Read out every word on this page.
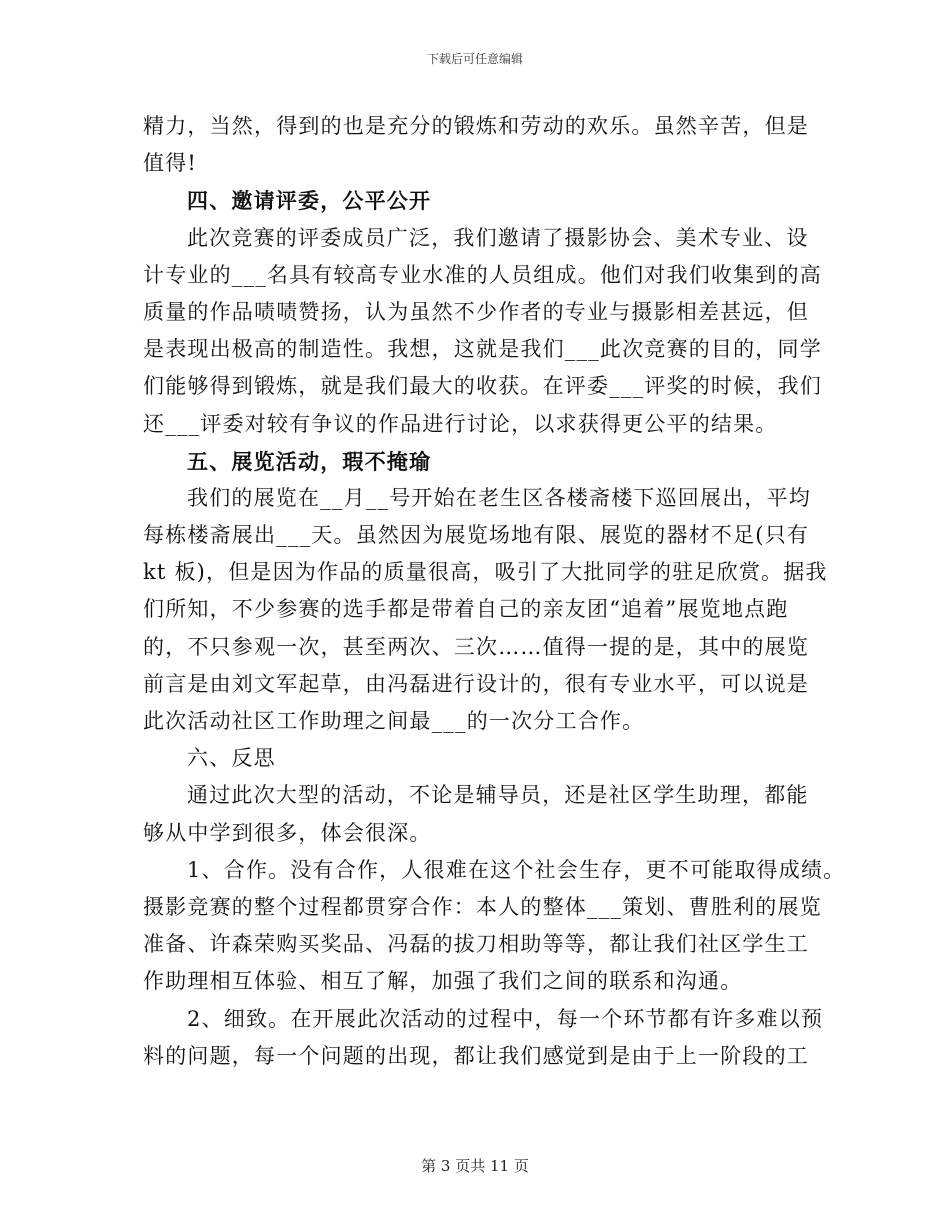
下载后可任意编辑
精力，当然，得到的也是充分的锻炼和劳动的欢乐。虽然辛苦，但是
值得!
四、邀请评委，公平公开
此次竞赛的评委成员广泛，我们邀请了摄影协会、美术专业、设
计专业的___名具有较高专业水准的人员组成。他们对我们收集到的高
质量的作品啧啧赞扬，认为虽然不少作者的专业与摄影相差甚远，但
是表现出极高的制造性。我想，这就是我们___此次竞赛的目的，同学
们能够得到锻炼，就是我们最大的收获。在评委___评奖的时候，我们
还___评委对较有争议的作品进行讨论，以求获得更公平的结果。
五、展览活动，瑕不掩瑜
我们的展览在__月__号开始在老生区各楼斋楼下巡回展出，平均
每栋楼斋展出___天。虽然因为展览场地有限、展览的器材不足(只有
kt 板)，但是因为作品的质量很高，吸引了大批同学的驻足欣赏。据我
们所知，不少参赛的选手都是带着自己的亲友团“追着”展览地点跑
的，不只参观一次，甚至两次、三次……值得一提的是，其中的展览
前言是由刘文军起草，由冯磊进行设计的，很有专业水平，可以说是
此次活动社区工作助理之间最___的一次分工合作。
六、反思
通过此次大型的活动，不论是辅导员，还是社区学生助理，都能
够从中学到很多，体会很深。
1、合作。没有合作，人很难在这个社会生存，更不可能取得成绩。
摄影竞赛的整个过程都贯穿合作：本人的整体___策划、曹胜利的展览
准备、许森荣购买奖品、冯磊的拔刀相助等等，都让我们社区学生工
作助理相互体验、相互了解，加强了我们之间的联系和沟通。
2、细致。在开展此次活动的过程中，每一个环节都有许多难以预
料的问题，每一个问题的出现，都让我们感觉到是由于上一阶段的工
第 3 页共 11 页
